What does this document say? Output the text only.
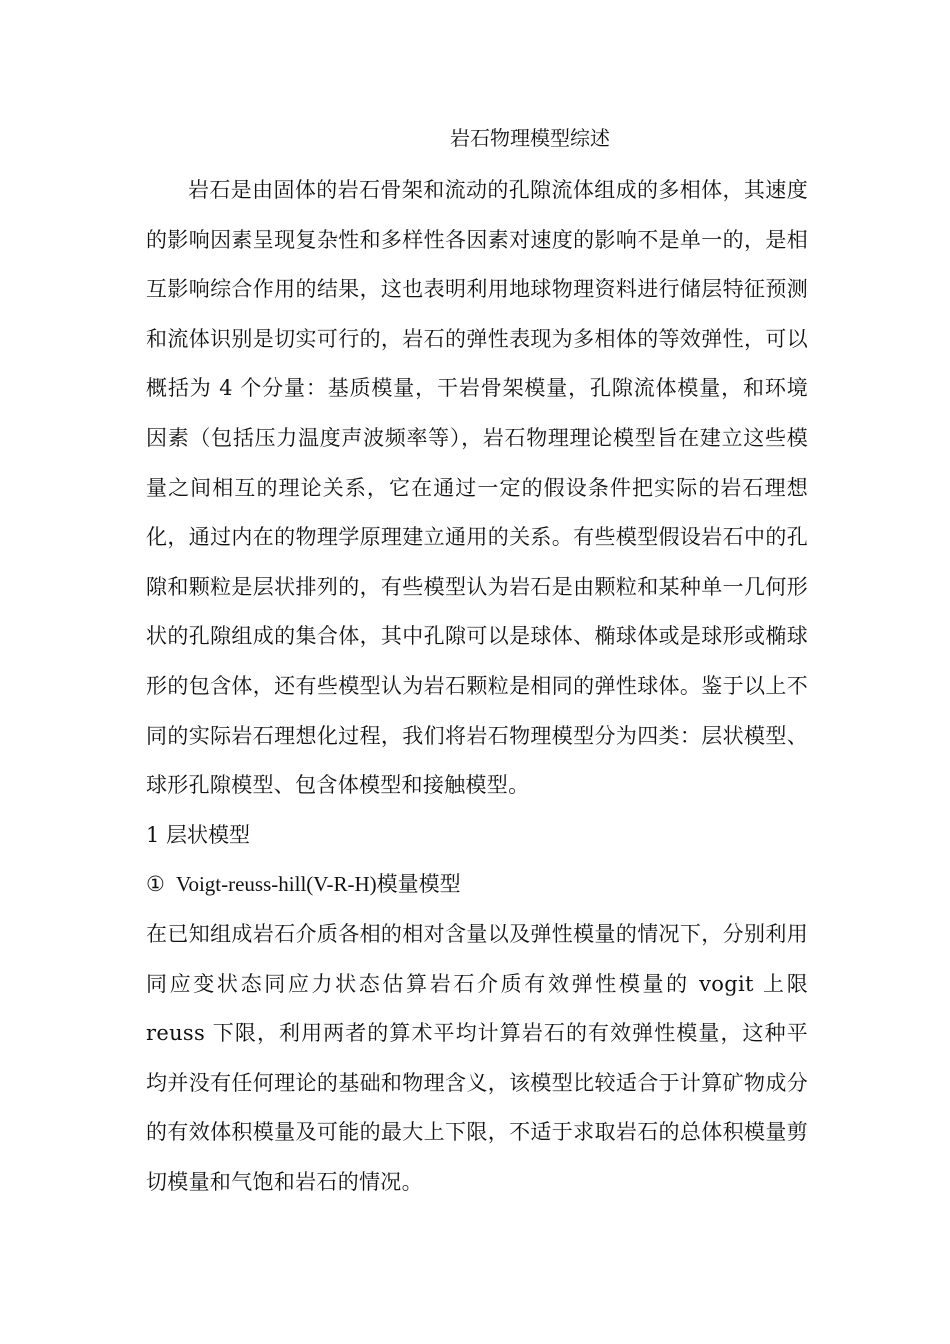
岩石物理模型综述

岩石是由固体的岩石骨架和流动的孔隙流体组成的多相体，其速度的影响因素呈现复杂性和多样性各因素对速度的影响不是单一的，是相互影响综合作用的结果，这也表明利用地球物理资料进行储层特征预测和流体识别是切实可行的，岩石的弹性表现为多相体的等效弹性，可以概括为 4 个分量：基质模量，干岩骨架模量，孔隙流体模量，和环境因素（包括压力温度声波频率等），岩石物理理论模型旨在建立这些模量之间相互的理论关系，它在通过一定的假设条件把实际的岩石理想化，通过内在的物理学原理建立通用的关系。有些模型假设岩石中的孔隙和颗粒是层状排列的，有些模型认为岩石是由颗粒和某种单一几何形状的孔隙组成的集合体，其中孔隙可以是球体、椭球体或是球形或椭球形的包含体，还有些模型认为岩石颗粒是相同的弹性球体。鉴于以上不同的实际岩石理想化过程，我们将岩石物理模型分为四类：层状模型、球形孔隙模型、包含体模型和接触模型。

1 层状模型

① Voigt-reuss-hill(V-R-H)模量模型

在已知组成岩石介质各相的相对含量以及弹性模量的情况下，分别利用同应变状态同应力状态估算岩石介质有效弹性模量的 vogit 上限 reuss 下限，利用两者的算术平均计算岩石的有效弹性模量，这种平均并没有任何理论的基础和物理含义，该模型比较适合于计算矿物成分的有效体积模量及可能的最大上下限，不适于求取岩石的总体积模量剪切模量和气饱和岩石的情况。
